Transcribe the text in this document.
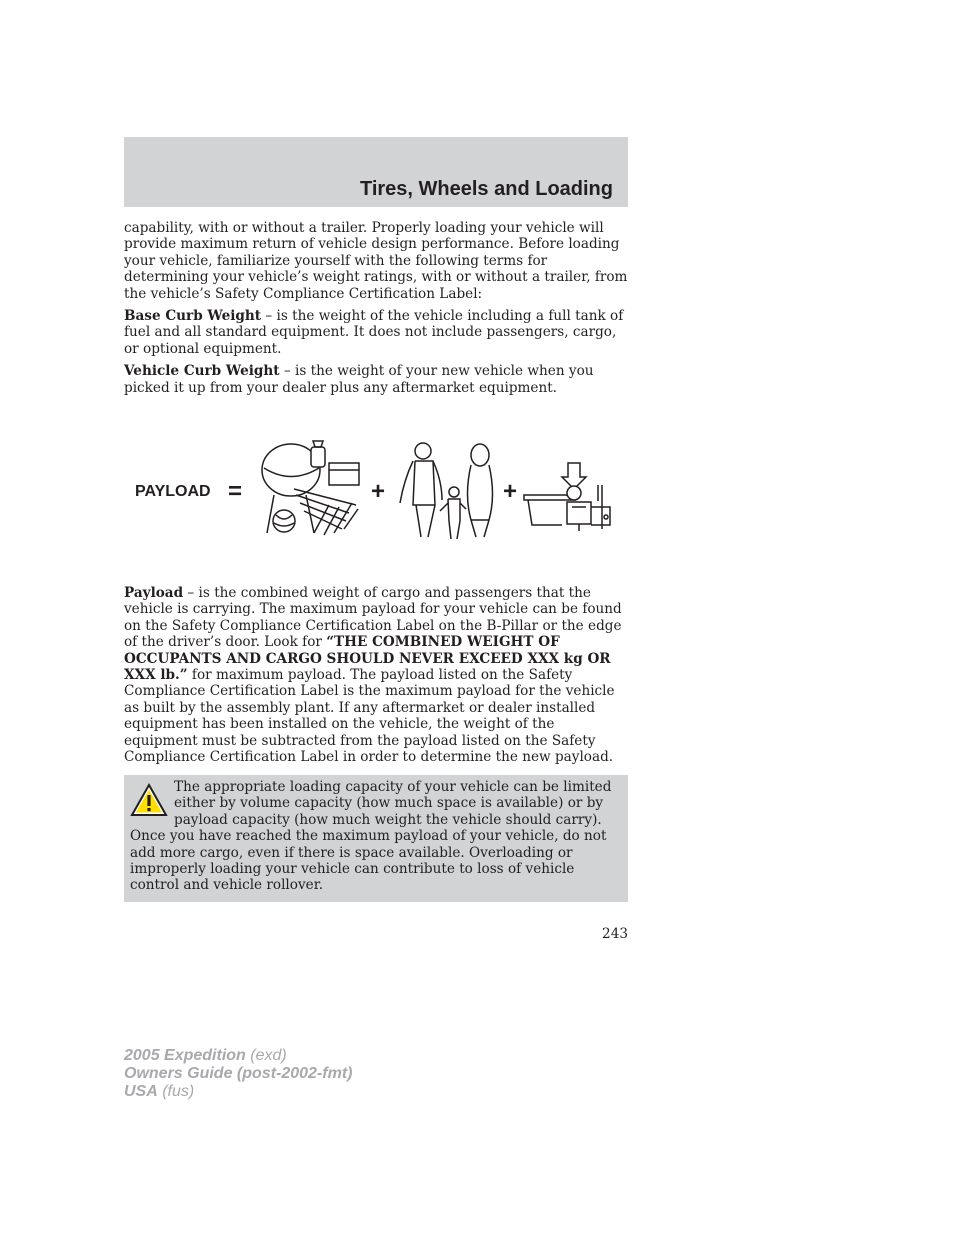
Tires, Wheels and Loading

capability, with or without a trailer. Properly loading your vehicle will provide maximum return of vehicle design performance. Before loading your vehicle, familiarize yourself with the following terms for determining your vehicle’s weight ratings, with or without a trailer, from the vehicle’s Safety Compliance Certification Label:

Base Curb Weight – is the weight of the vehicle including a full tank of fuel and all standard equipment. It does not include passengers, cargo, or optional equipment.

Vehicle Curb Weight – is the weight of your new vehicle when you picked it up from your dealer plus any aftermarket equipment.

PAYLOAD =	+	+

Payload – is the combined weight of cargo and passengers that the vehicle is carrying. The maximum payload for your vehicle can be found on the Safety Compliance Certification Label on the B-Pillar or the edge of the driver’s door. Look for “THE COMBINED WEIGHT OF OCCUPANTS AND CARGO SHOULD NEVER EXCEED XXX kg OR XXX lb.” for maximum payload. The payload listed on the Safety Compliance Certification Label is the maximum payload for the vehicle as built by the assembly plant. If any aftermarket or dealer installed equipment has been installed on the vehicle, the weight of the equipment must be subtracted from the payload listed on the Safety Compliance Certification Label in order to determine the new payload.

The appropriate loading capacity of your vehicle can be limited either by volume capacity (how much space is available) or by payload capacity (how much weight the vehicle should carry). Once you have reached the maximum payload of your vehicle, do not add more cargo, even if there is space available. Overloading or improperly loading your vehicle can contribute to loss of vehicle control and vehicle rollover.

243
2005 Expedition (exd)
Owners Guide (post-2002-fmt)
USA (fus)
